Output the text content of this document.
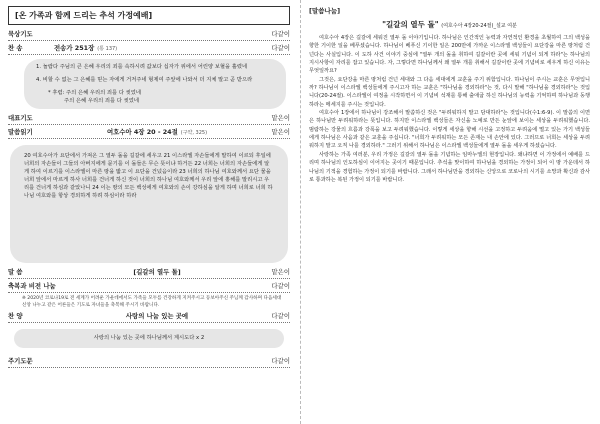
[온 가족과 함께 드리는 추석 가정예배]
묵상기도	다같이
찬 송	전송가 251장 (통 137)	다같이
1. 놀랍다 주님의 큰 은혜 우리의 죄를 속하시려 값보다 십자가 위에서 어린양 보혈을 흘렸네
4. 비할 수 없는 그 은혜를 믿는 자에게 거저주네 형제여 주앞에 나와서 더 지체 말고 곧 받으라
* 후렴: 주의 은혜 우리의 죄를 다 씻었네
주의 은혜 우리의 죄를 다 씻었네
대표기도	맡은이
말씀읽기	여호수아 4장 20 - 24절 (구약, 325)	맡은이
20 여호수아가 요단에서 가져온 그 열두 돌을 길갈에 세우고 21 이스라엘 자손들에게 말하여 이르되 후일에 너희의 자손들이 그들의 아버지에게 묻기를 이 돌들은 무슨 뜻이냐 하거든 22 너희는 너희의 자손들에게 알게 하여 이르기를 이스라엘이 마른 땅을 밟고 이 요단을 건넜음이라 23 너희의 하나님 여호와께서 요단 물을 너희 앞에서 마르게 하사 너희를 건너게 하신 것이 너희의 하나님 여호와께서 우리 앞에 홍해를 말리시고 우리를 건너게 하심과 같았나니 24 이는 땅의 모든 백성에게 여호와의 손이 강하심을 알게 하며 너희로 너희 하나님 여호와를 항상 경외하게 하려 하심이라 하라
말 씀	[길갈의 열두 돌]	맡은이
축복과 비전 나눔	다같이
※ 2020년 코로나19로 전 세계가 어려운 가운데에서도 가족들 모두를 건강하게 지켜주시고 등보아주신 주님께 감사하며 다음세대 신앙 나누고 같은 어른들은 기도로 자녀들을 축복해 주시기 바랍니다.
찬 양	사랑의 나눔 있는 곳에	다같이
사랑의 나눔 있는 곳에 하나님께서 계시도다 x 2
주기도문	다같이
[말씀나눔]
"길갈의 열두 돌" (여호수아 4장20-24절)_설교 여분

여호수아 4장은 길갈에 세워진 열두 돌 이야기입니다. 하나님은 인간적인 능력과 자연적인 환경을 초월하여 그의 백성을 향한 기이한 일을 베푸셨습니다. 하나님이 베푸신 기이한 일은 200만에 가까운 이스라엘 백성들이 요단강을 마른 땅처럼 건넌다는 사실입니다. 이 도하 사건 이야기 중심에 "열두 개의 돌을 취하여 길갈이란 곳에 세워 기념이 되게 하라"는 하나님의 지시사항이 자리를 잡고 있습니다. 자, 그렇다면 하나님께서 왜 열두 개를 취해서 길갈이란 곳에 기념비로 세우게 하신 이유는 무엇일까요?

그것은, 요단강을 마른 땅처럼 건넌 세대와 그 다음 세대에게 교훈을 주기 위함입니다. 하나님이 주시는 교훈은 무엇입니까? 하나님이 이스라엘 백성들에게 주시고자 하는 교훈은 "하나님을 경외하라"는 것, 다시 말해 "하나님을 경외하라"는 것입니다(20-24절). 이스라엘이 여정을 시작하면서 이 기념비 석재를 통해 출애굽 하신 하나님의 능력을 기억하며 하나님과 동행하라는 메세지를 주시는 것입니다.

여호수아 1장에서 하나님이 강조해서 말씀하신 것은 "두려워하지 말고 담대하라"는 것입니다(수1:6-9). 이 말씀의 이면은 하나님만 두려워하라는 뜻입니다. 하지만 이스라엘 백성들은 자신을 노예로 만든 눈앞에 보이는 세상을 두려워했습니다. 범람하는 강물의 흐름과 강폭을 보고 두려워했습니다. 이렇게 세상을 향해 시선을 고정하고 두려움에 떨고 있는 가기 백성들에게 하나님은 사음과 같은 교훈을 주십니다. "너희가 두려워하는 모든 존재는 내 손안에 있다. 그러므로 너희는 세상을 두려워하지 말고 오직 나를 경외하라." 그러기 위해서 하나님은 이스라엘 백성들에게 열두 돌을 세우게 하셨습니다.

사랑하는 가족 여러분, 우리 가정은 길갈의 열두 돌을 기념하는 임마누엘의 현장입니다. 왜냐하면 이 가정에서 예배를 드리며 하나님의 인도하심이 이어지는 곳이기 때문입니다. 추석을 맞이하여 하나님을 경외하는 가정이 되어 이 땅 가운데서 하나님의 기적을 경험하는 가정이 되기를 바랍니다. 그래서 하나님만을 경외하는 신앙으로 코로나의 시기를 소망과 확신과 감사로 통과하는 복된 가정이 되기를 바랍니다.
